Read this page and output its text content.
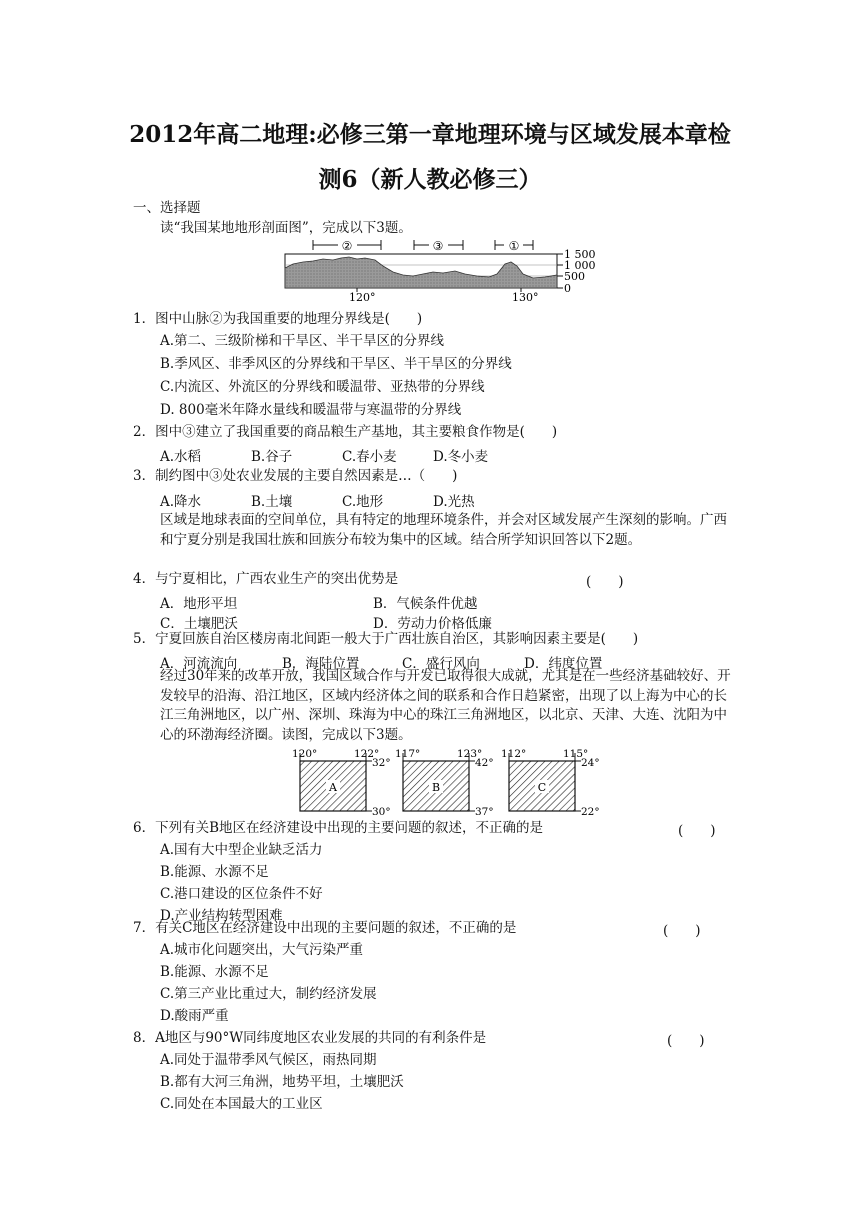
2012年高二地理:必修三第一章地理环境与区域发展本章检
测6（新人教必修三）
一、选择题
读“我国某地地形剖面图”，完成以下3题。
②	③	①
1 500
1 000
500
0
120°	130°
1．图中山脉②为我国重要的地理分界线是(　　)
A.第二、三级阶梯和干旱区、半干旱区的分界线
B.季风区、非季风区的分界线和干旱区、半干旱区的分界线
C.内流区、外流区的分界线和暖温带、亚热带的分界线
D. 800毫米年降水量线和暖温带与寒温带的分界线
2．图中③建立了我国重要的商品粮生产基地，其主要粮食作物是(　　)
A.水稻	B.谷子	C.春小麦	D.冬小麦
3．制约图中③处农业发展的主要自然因素是…（　　)
A.降水	B.土壤	C.地形	D.光热
区域是地球表面的空间单位，具有特定的地理环境条件，并会对区域发展产生深刻的影响。广西和宁夏分别是我国壮族和回族分布较为集中的区域。结合所学知识回答以下2题。
4．与宁夏相比，广西农业生产的突出优势是	(　　)
A．地形平坦	B．气候条件优越
C．土壤肥沃	D．劳动力价格低廉
5．宁夏回族自治区楼房南北间距一般大于广西壮族自治区，其影响因素主要是(　　)
A．河流流向	B．海陆位置	C．盛行风向	D．纬度位置
经过30年来的改革开放，我国区域合作与开发已取得很大成就，尤其是在一些经济基础较好、开发较早的沿海、沿江地区，区域内经济体之间的联系和合作日趋紧密，出现了以上海为中心的长江三角洲地区，以广州、深圳、珠海为中心的珠江三角洲地区，以北京、天津、大连、沈阳为中心的环渤海经济圈。读图，完成以下3题。
A
120°	122°
32°
30°
B
117°	123°
42°
37°
C
112°	115°
24°
22°
6．下列有关B地区在经济建设中出现的主要问题的叙述，不正确的是	(　　)
A.国有大中型企业缺乏活力
B.能源、水源不足
C.港口建设的区位条件不好
D.产业结构转型困难
7．有关C地区在经济建设中出现的主要问题的叙述，不正确的是	(　　)
A.城市化问题突出，大气污染严重
B.能源、水源不足
C.第三产业比重过大，制约经济发展
D.酸雨严重
8．A地区与90°W同纬度地区农业发展的共同的有利条件是	(　　)
A.同处于温带季风气候区，雨热同期
B.都有大河三角洲，地势平坦，土壤肥沃
C.同处在本国最大的工业区
